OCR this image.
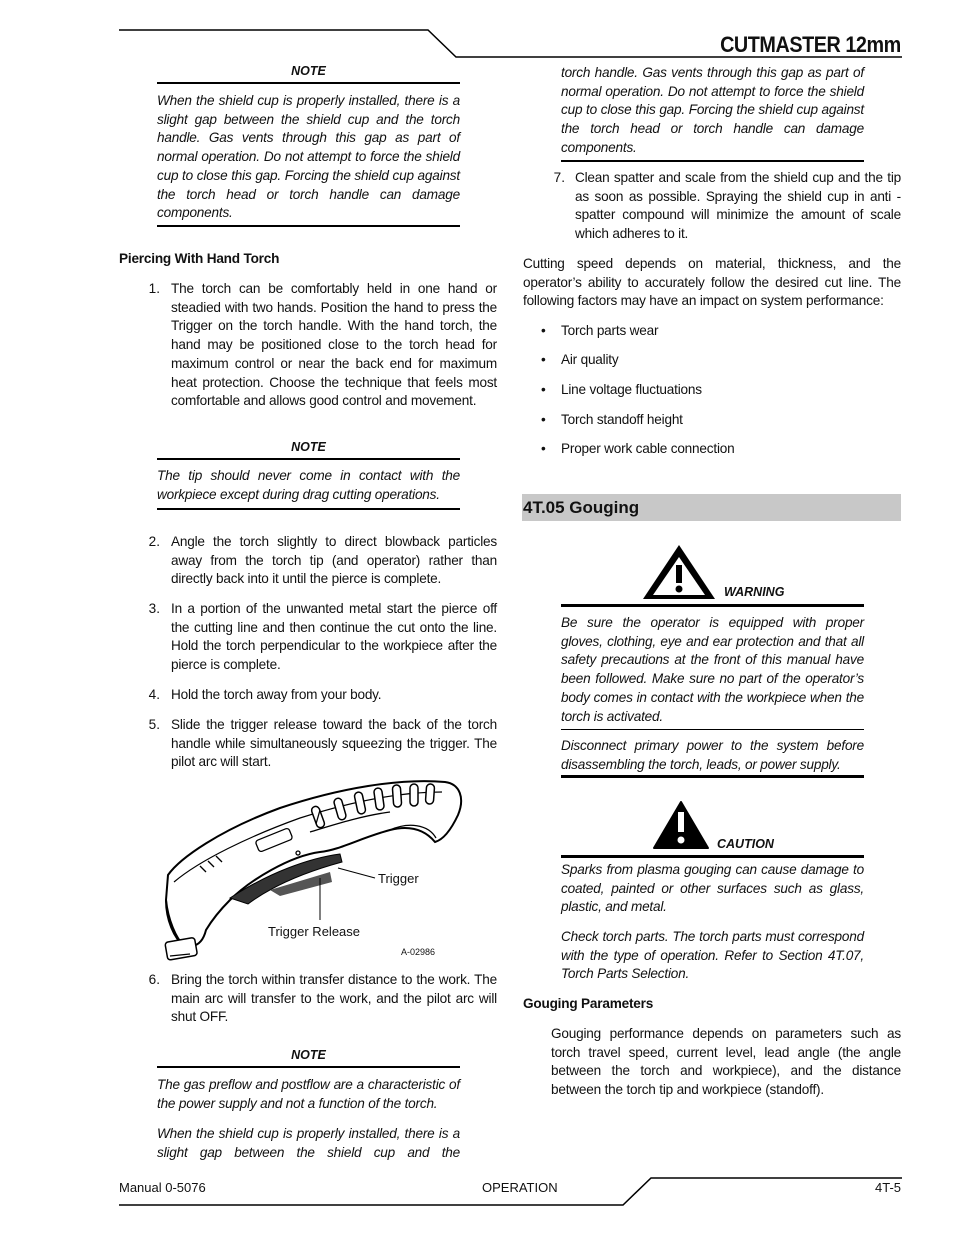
CUTMASTER 12mm
NOTE
When the shield cup is properly installed, there is a slight gap between the shield cup and the torch handle. Gas vents through this gap as part of normal operation. Do not attempt to force the shield cup to close this gap. Forcing the shield cup against the torch head or torch handle can damage components.
Piercing With Hand Torch
1. The torch can be comfortably held in one hand or steadied with two hands. Position the hand to press the Trigger on the torch handle. With the hand torch, the hand may be positioned close to the torch head for maximum control or near the back end for maximum heat protection. Choose the technique that feels most comfortable and allows good control and movement.
NOTE
The tip should never come in contact with the workpiece except during drag cutting operations.
2. Angle the torch slightly to direct blowback particles away from the torch tip (and operator) rather than directly back into it until the pierce is complete.
3. In a portion of the unwanted metal start the pierce off the cutting line and then continue the cut onto the line. Hold the torch perpendicular to the workpiece after the pierce is complete.
4. Hold the torch away from your body.
5. Slide the trigger release toward the back of the torch handle while simultaneously squeezing the trigger. The pilot arc will start.
Trigger
Trigger Release
A-02986
6. Bring the torch within transfer distance to the work. The main arc will transfer to the work, and the pilot arc will shut OFF.
NOTE
The gas preflow and postflow are a characteristic of the power supply and not a function of the torch.
When the shield cup is properly installed, there is a slight gap between the shield cup and the
torch handle. Gas vents through this gap as part of normal operation. Do not attempt to force the shield cup to close this gap. Forcing the shield cup against the torch head or torch handle can damage components.
7. Clean spatter and scale from the shield cup and the tip as soon as possible. Spraying the shield cup in anti - spatter compound will minimize the amount of scale which adheres to it.
Cutting speed depends on material, thickness, and the operator’s ability to accurately follow the desired cut line. The following factors may have an impact on system performance:
• Torch parts wear
• Air quality
• Line voltage fluctuations
• Torch standoff height
• Proper work cable connection
4T.05 Gouging
WARNING
Be sure the operator is equipped with proper gloves, clothing, eye and ear protection and that all safety precautions at the front of this manual have been followed. Make sure no part of the operator’s body comes in contact with the workpiece when the torch is activated.
Disconnect primary power to the system before disassembling the torch, leads, or power supply.
CAUTION
Sparks from plasma gouging can cause damage to coated, painted or other surfaces such as glass, plastic, and metal.
Check torch parts. The torch parts must correspond with the type of operation. Refer to Section 4T.07, Torch Parts Selection.
Gouging Parameters
Gouging performance depends on parameters such as torch travel speed, current level, lead angle (the angle between the torch and workpiece), and the distance between the torch tip and workpiece (standoff).
Manual 0-5076	OPERATION	4T-5
